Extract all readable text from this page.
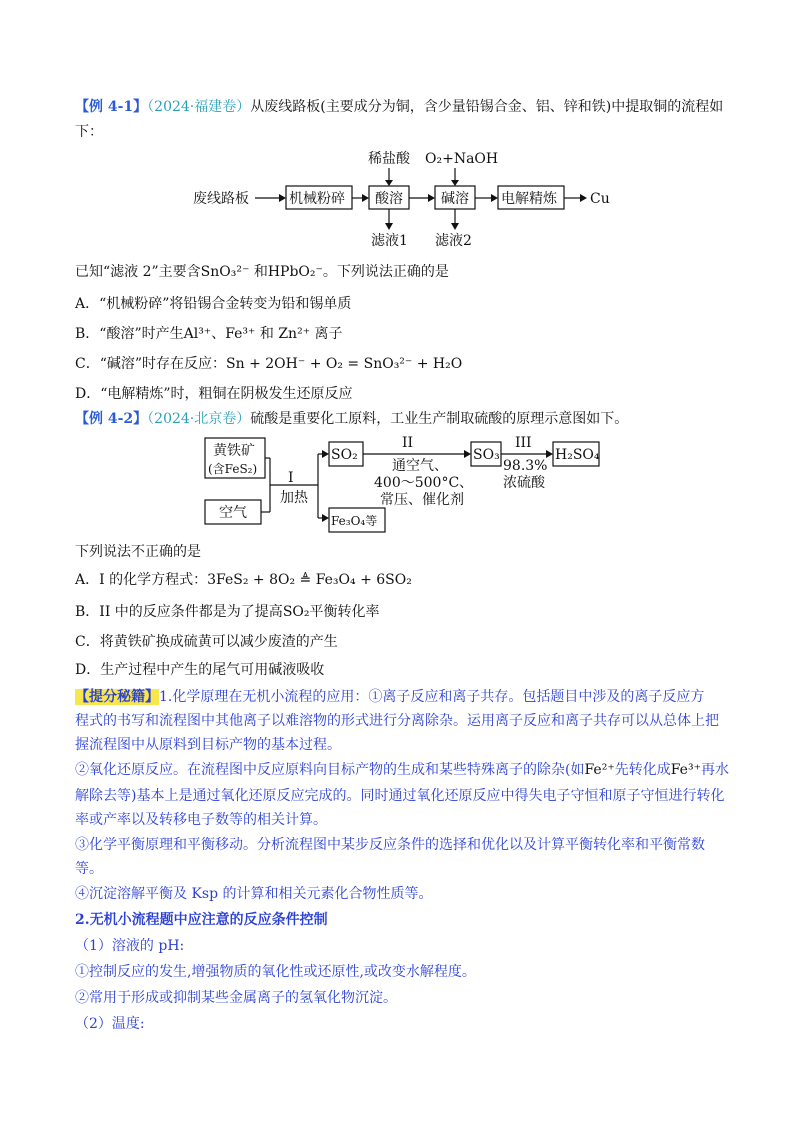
【例 4-1】（2024·福建卷）从废线路板(主要成分为铜，含少量铅锡合金、铝、锌和铁)中提取铜的流程如
下：
废线路板	机械粉碎 酸溶
稀盐酸
滤液1
碱溶
O₂+NaOH
滤液2
电解精炼 Cu
已知“滤液 2”主要含SnO₃²⁻ 和HPbO₂⁻。下列说法正确的是
A．“机械粉碎”将铅锡合金转变为铅和锡单质
B．“酸溶”时产生Al³⁺、Fe³⁺ 和 Zn²⁺ 离子
C．“碱溶”时存在反应：Sn + 2OH⁻ + O₂ = SnO₃²⁻ + H₂O
D．“电解精炼”时，粗铜在阴极发生还原反应
【例 4-2】（2024·北京卷）硫酸是重要化工原料，工业生产制取硫酸的原理示意图如下。
黄铁矿
(含FeS₂)
空气
I
加热
SO₂
Fe₃O₄等
II
通空气、
400～500°C、
常压、催化剂
SO₃
III
98.3%
浓硫酸
H₂SO₄
下列说法不正确的是
A．I 的化学方程式：3FeS₂ + 8O₂ ≜ Fe₃O₄ + 6SO₂
B．II 中的反应条件都是为了提高SO₂平衡转化率
C．将黄铁矿换成硫黄可以减少废渣的产生
D．生产过程中产生的尾气可用碱液吸收
【提分秘籍】1.化学原理在无机小流程的应用：①离子反应和离子共存。包括题目中涉及的离子反应方
程式的书写和流程图中其他离子以难溶物的形式进行分离除杂。运用离子反应和离子共存可以从总体上把
握流程图中从原料到目标产物的基本过程。
②氧化还原反应。在流程图中反应原料向目标产物的生成和某些特殊离子的除杂(如Fe²⁺先转化成Fe³⁺再水
解除去等)基本上是通过氧化还原反应完成的。同时通过氧化还原反应中得失电子守恒和原子守恒进行转化
率或产率以及转移电子数等的相关计算。
③化学平衡原理和平衡移动。分析流程图中某步反应条件的选择和优化以及计算平衡转化率和平衡常数
等。
④沉淀溶解平衡及 Ksp 的计算和相关元素化合物性质等。
2.无机小流程题中应注意的反应条件控制
（1）溶液的 pH:
①控制反应的发生,增强物质的氧化性或还原性,或改变水解程度。
②常用于形成或抑制某些金属离子的氢氧化物沉淀。
（2）温度:
